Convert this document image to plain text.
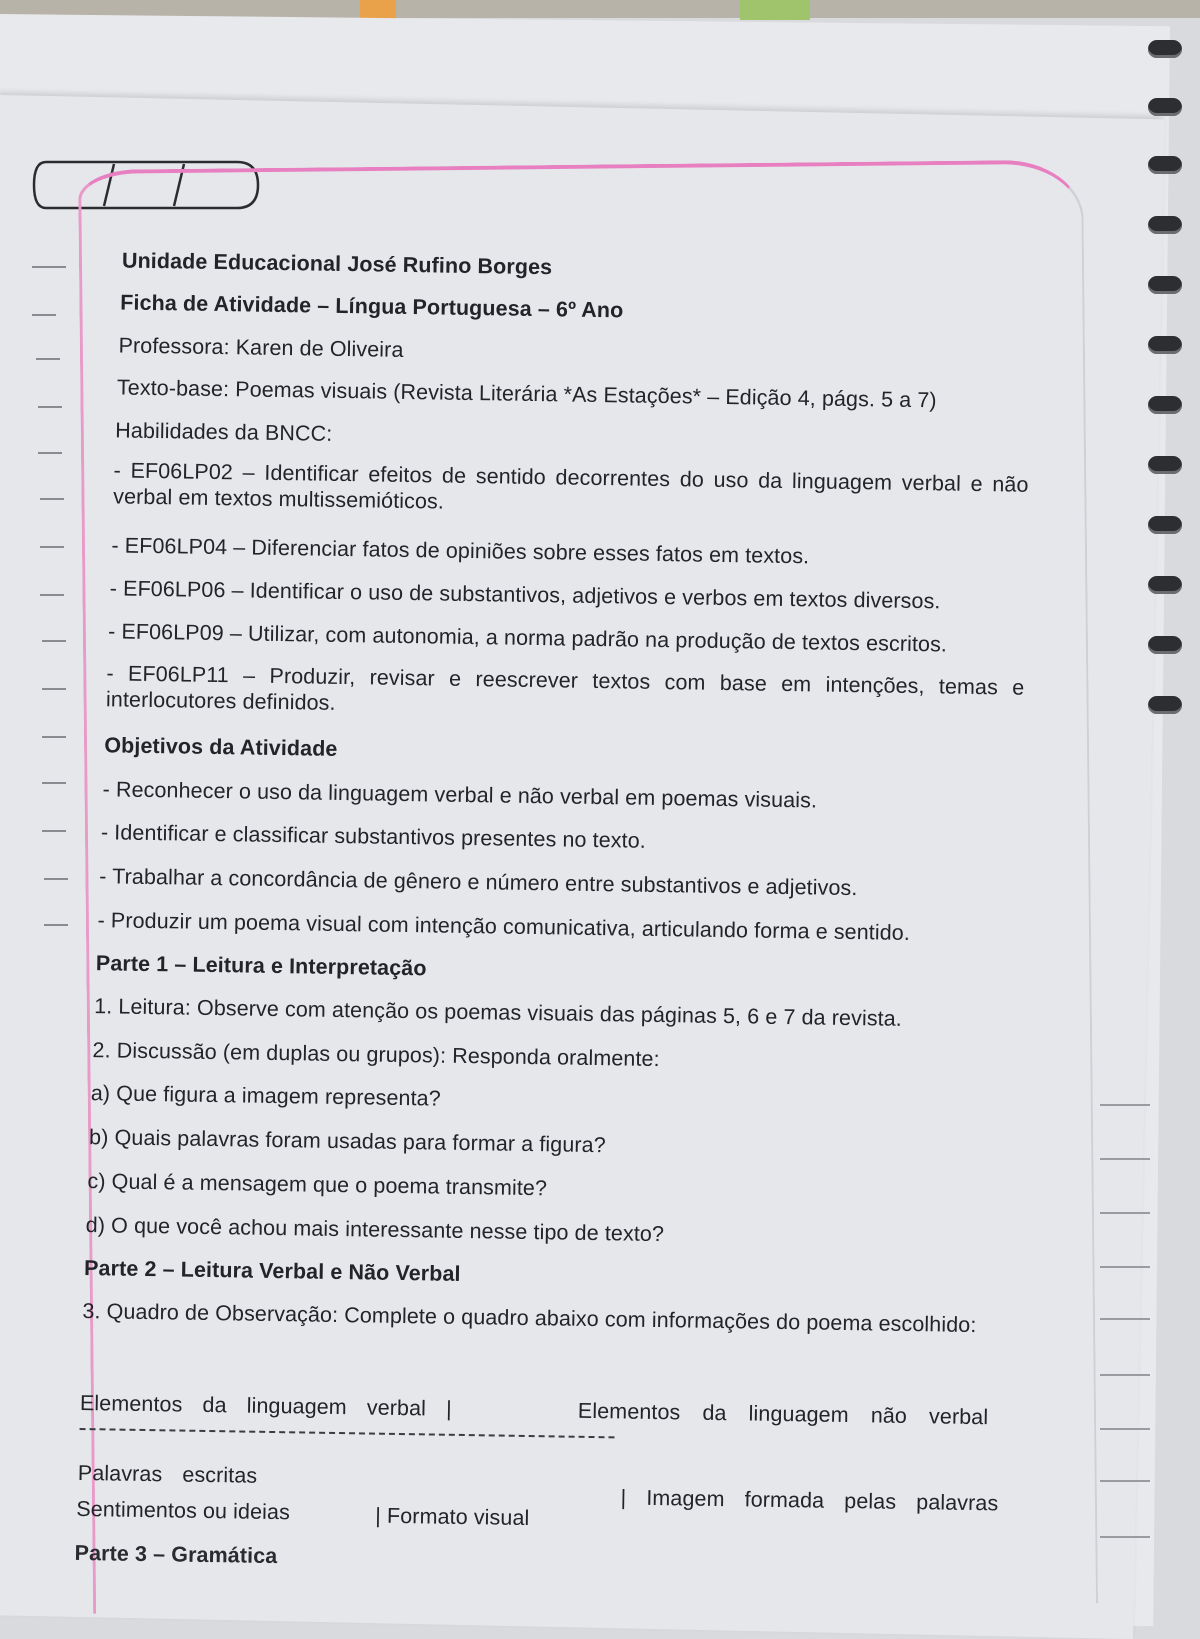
Unidade Educacional José Rufino Borges
Ficha de Atividade – Língua Portuguesa – 6º Ano
Professora: Karen de Oliveira
Texto-base: Poemas visuais (Revista Literária *As Estações* – Edição 4, págs. 5 a 7)
Habilidades da BNCC:
- EF06LP02 – Identificar efeitos de sentido decorrentes do uso da linguagem verbal e não verbal em textos multissemióticos.
- EF06LP04 – Diferenciar fatos de opiniões sobre esses fatos em textos.
- EF06LP06 – Identificar o uso de substantivos, adjetivos e verbos em textos diversos.
- EF06LP09 – Utilizar, com autonomia, a norma padrão na produção de textos escritos.
- EF06LP11 – Produzir, revisar e reescrever textos com base em intenções, temas e interlocutores definidos.
Objetivos da Atividade
- Reconhecer o uso da linguagem verbal e não verbal em poemas visuais.
- Identificar e classificar substantivos presentes no texto.
- Trabalhar a concordância de gênero e número entre substantivos e adjetivos.
- Produzir um poema visual com intenção comunicativa, articulando forma e sentido.
Parte 1 – Leitura e Interpretação
1. Leitura: Observe com atenção os poemas visuais das páginas 5, 6 e 7 da revista.
2. Discussão (em duplas ou grupos): Responda oralmente:
a) Que figura a imagem representa?
b) Quais palavras foram usadas para formar a figura?
c) Qual é a mensagem que o poema transmite?
d) O que você achou mais interessante nesse tipo de texto?
Parte 2 – Leitura Verbal e Não Verbal
3. Quadro de Observação: Complete o quadro abaixo com informações do poema escolhido:
Elementos da linguagem verbal |	Elementos da linguagem não verbal
Palavras escritas
Sentimentos ou ideias	| Formato visual
| Imagem formada pelas palavras
Parte 3 – Gramática
